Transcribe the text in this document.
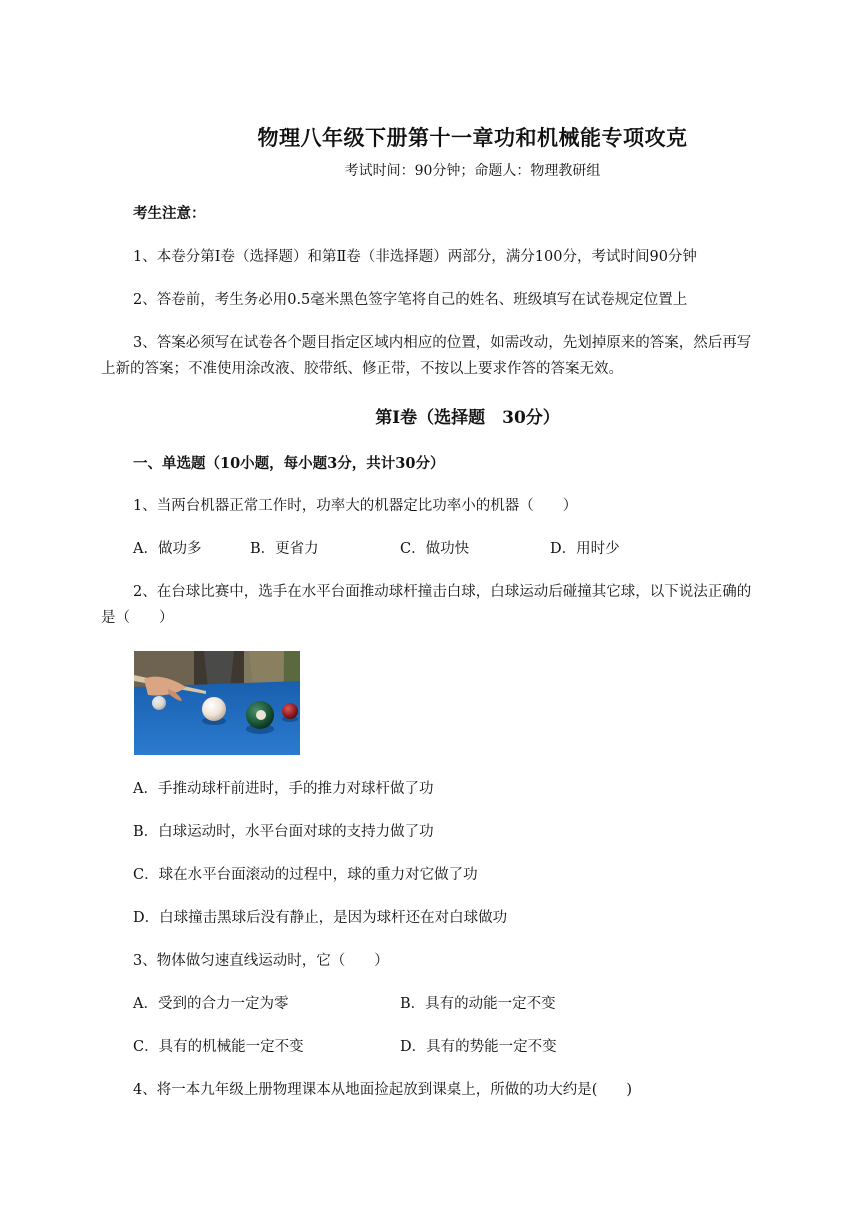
物理八年级下册第十一章功和机械能专项攻克
考试时间：90分钟；命题人：物理教研组
考生注意：
1、本卷分第Ⅰ卷（选择题）和第Ⅱ卷（非选择题）两部分，满分100分，考试时间90分钟
2、答卷前，考生务必用0.5毫米黑色签字笔将自己的姓名、班级填写在试卷规定位置上
3、答案必须写在试卷各个题目指定区域内相应的位置，如需改动，先划掉原来的答案，然后再写
上新的答案；不准使用涂改液、胶带纸、修正带，不按以上要求作答的答案无效。
第Ⅰ卷（选择题　30分）
一、单选题（10小题，每小题3分，共计30分）
1、当两台机器正常工作时，功率大的机器定比功率小的机器（　　）
A．做功多	B．更省力	C．做功快	D．用时少
2、在台球比赛中，选手在水平台面推动球杆撞击白球，白球运动后碰撞其它球，以下说法正确的
是（　　）
A．手推动球杆前进时，手的推力对球杆做了功
B．白球运动时，水平台面对球的支持力做了功
C．球在水平台面滚动的过程中，球的重力对它做了功
D．白球撞击黑球后没有静止，是因为球杆还在对白球做功
3、物体做匀速直线运动时，它（　　）
A．受到的合力一定为零	B．具有的动能一定不变
C．具有的机械能一定不变	D．具有的势能一定不变
4、将一本九年级上册物理课本从地面捡起放到课桌上，所做的功大约是(　　)
